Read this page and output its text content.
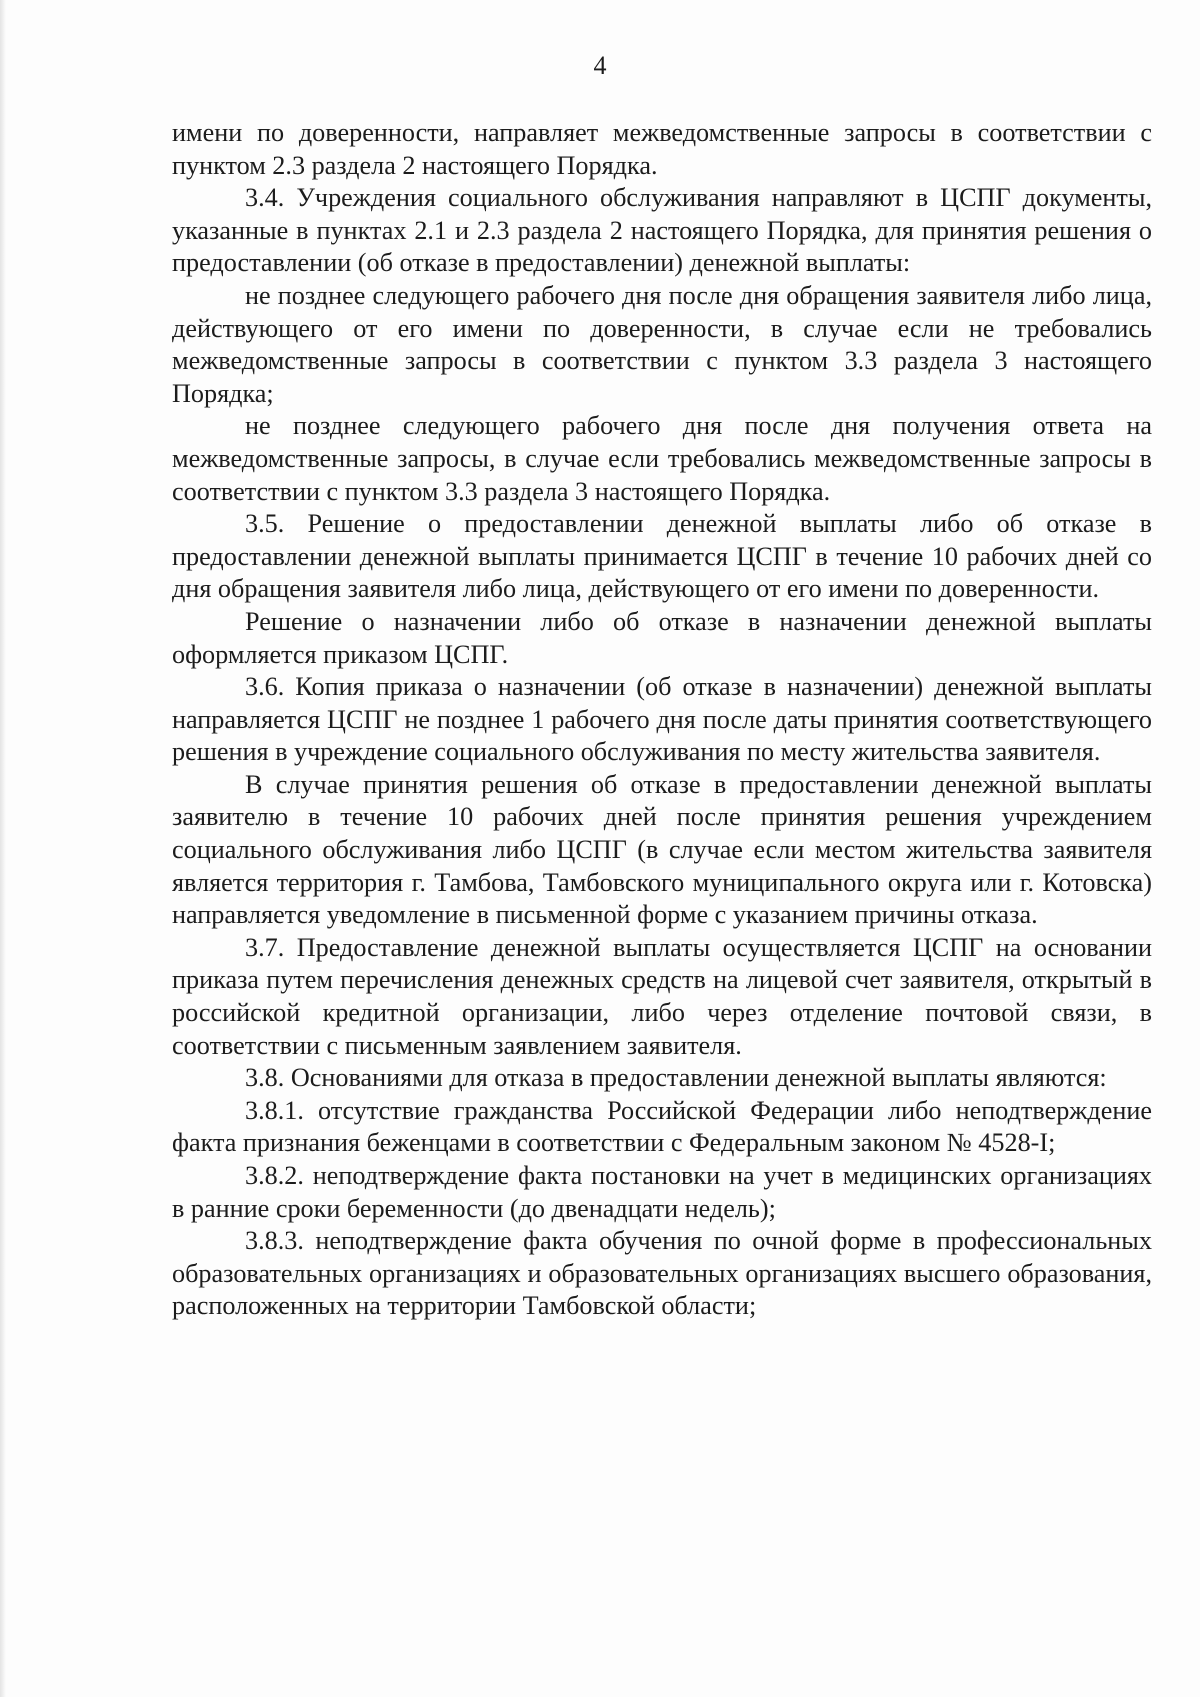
4

имени по доверенности, направляет межведомственные запросы в соответствии с пунктом 2.3 раздела 2 настоящего Порядка.

3.4. Учреждения социального обслуживания направляют в ЦСПГ документы, указанные в пунктах 2.1 и 2.3 раздела 2 настоящего Порядка, для принятия решения о предоставлении (об отказе в предоставлении) денежной выплаты:

не позднее следующего рабочего дня после дня обращения заявителя либо лица, действующего от его имени по доверенности, в случае если не требовались межведомственные запросы в соответствии с пунктом 3.3 раздела 3 настоящего Порядка;

не позднее следующего рабочего дня после дня получения ответа на межведомственные запросы, в случае если требовались межведомственные запросы в соответствии с пунктом 3.3 раздела 3 настоящего Порядка.

3.5. Решение о предоставлении денежной выплаты либо об отказе в предоставлении денежной выплаты принимается ЦСПГ в течение 10 рабочих дней со дня обращения заявителя либо лица, действующего от его имени по доверенности.

Решение о назначении либо об отказе в назначении денежной выплаты оформляется приказом ЦСПГ.

3.6. Копия приказа о назначении (об отказе в назначении) денежной выплаты направляется ЦСПГ не позднее 1 рабочего дня после даты принятия соответствующего решения в учреждение социального обслуживания по месту жительства заявителя.

В случае принятия решения об отказе в предоставлении денежной выплаты заявителю в течение 10 рабочих дней после принятия решения учреждением социального обслуживания либо ЦСПГ (в случае если местом жительства заявителя является территория г. Тамбова, Тамбовского муниципального округа или г. Котовска) направляется уведомление в письменной форме с указанием причины отказа.

3.7. Предоставление денежной выплаты осуществляется ЦСПГ на основании приказа путем перечисления денежных средств на лицевой счет заявителя, открытый в российской кредитной организации, либо через отделение почтовой связи, в соответствии с письменным заявлением заявителя.

3.8. Основаниями для отказа в предоставлении денежной выплаты являются:

3.8.1. отсутствие гражданства Российской Федерации либо неподтверждение факта признания беженцами в соответствии с Федеральным законом № 4528-I;

3.8.2. неподтверждение факта постановки на учет в медицинских организациях в ранние сроки беременности (до двенадцати недель);

3.8.3. неподтверждение факта обучения по очной форме в профессиональных образовательных организациях и образовательных организациях высшего образования, расположенных на территории Тамбовской области;
